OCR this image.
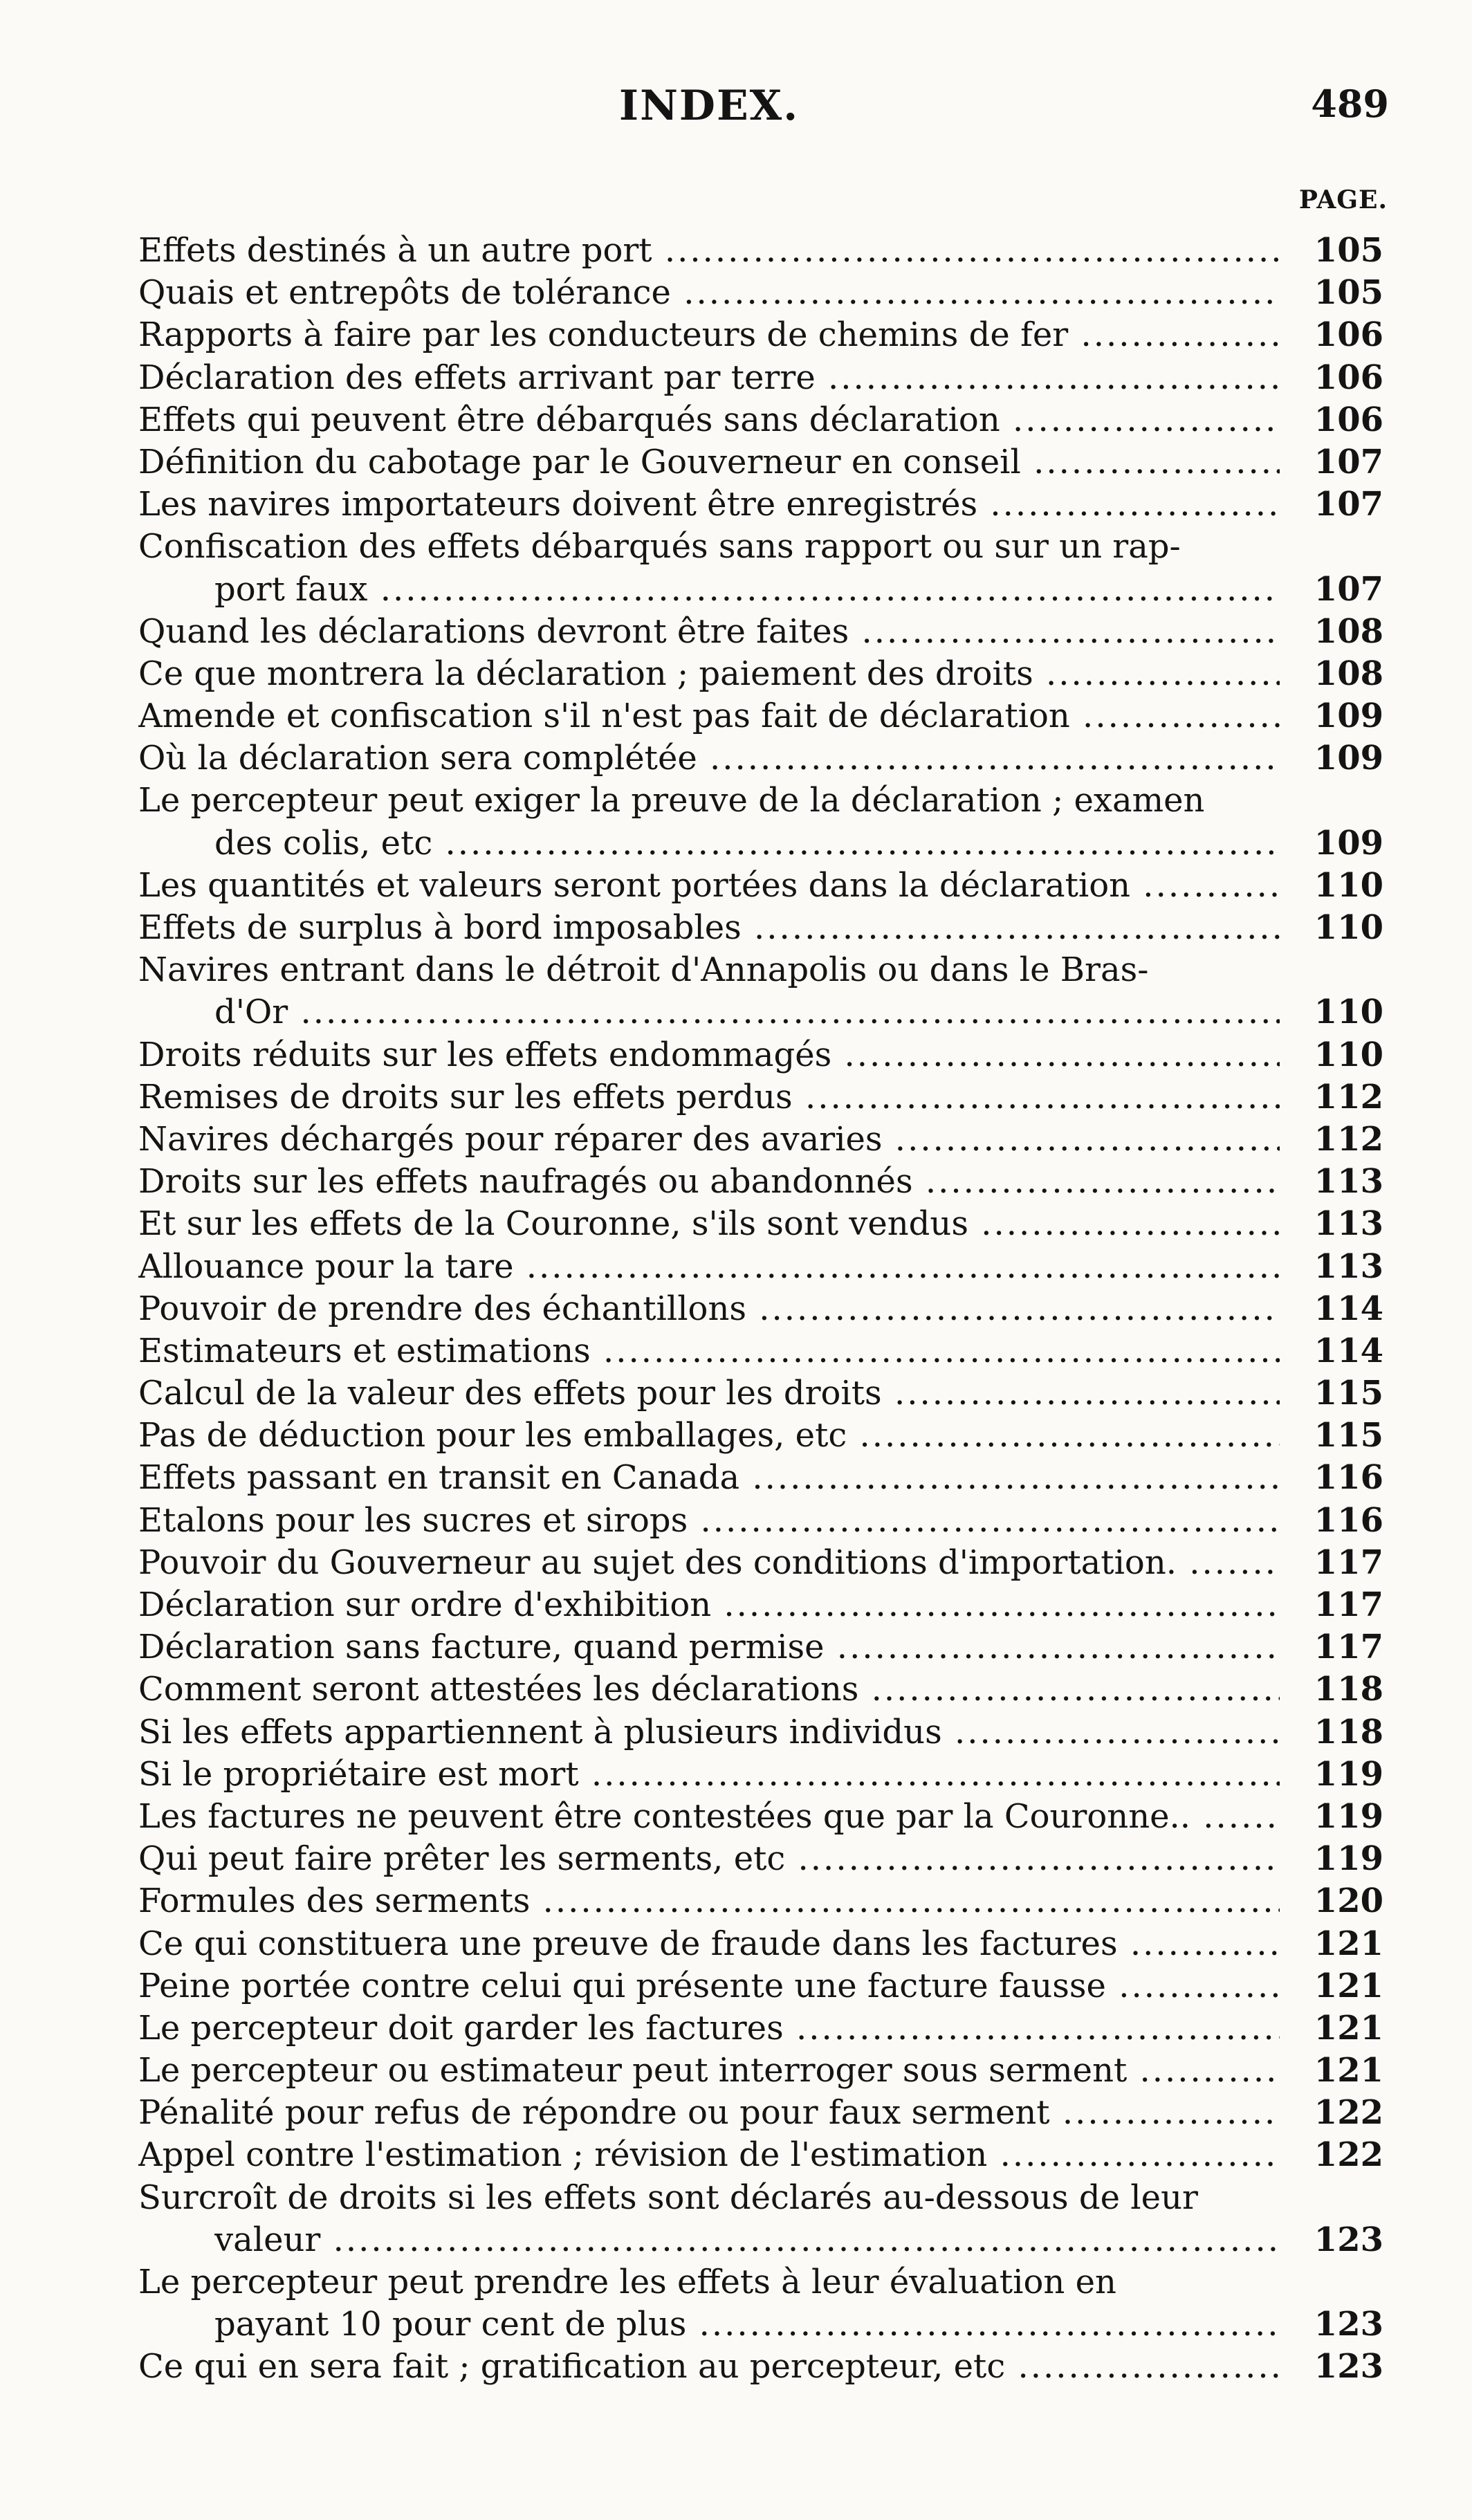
INDEX.	489
PAGE.
Effets destinés à un autre port .....	105
Quais et entrepôts de tolérance .....	105
Rapports à faire par les conducteurs de chemins de fer .....	106
Déclaration des effets arrivant par terre .....	106
Effets qui peuvent être débarqués sans déclaration .....	106
Définition du cabotage par le Gouverneur en conseil .....	107
Les navires importateurs doivent être enregistrés .....	107
Confiscation des effets débarqués sans rapport ou sur un rap-
port faux .....	107
Quand les déclarations devront être faites .....	108
Ce que montrera la déclaration ; paiement des droits .....	108
Amende et confiscation s'il n'est pas fait de déclaration .....	109
Où la déclaration sera complétée .....	109
Le percepteur peut exiger la preuve de la déclaration ; examen
des colis, etc .....	109
Les quantités et valeurs seront portées dans la déclaration .....	110
Effets de surplus à bord imposables .....	110
Navires entrant dans le détroit d'Annapolis ou dans le Bras-
d'Or .....	110
Droits réduits sur les effets endommagés .....	110
Remises de droits sur les effets perdus .....	112
Navires déchargés pour réparer des avaries .....	112
Droits sur les effets naufragés ou abandonnés .....	113
Et sur les effets de la Couronne, s'ils sont vendus .....	113
Allouance pour la tare .....	113
Pouvoir de prendre des échantillons .....	114
Estimateurs et estimations .....	114
Calcul de la valeur des effets pour les droits .....	115
Pas de déduction pour les emballages, etc .....	115
Effets passant en transit en Canada .....	116
Etalons pour les sucres et sirops .....	116
Pouvoir du Gouverneur au sujet des conditions d'importation. .....	117
Déclaration sur ordre d'exhibition .....	117
Déclaration sans facture, quand permise .....	117
Comment seront attestées les déclarations .....	118
Si les effets appartiennent à plusieurs individus .....	118
Si le propriétaire est mort .....	119
Les factures ne peuvent être contestées que par la Couronne.. .....	119
Qui peut faire prêter les serments, etc .....	119
Formules des serments .....	120
Ce qui constituera une preuve de fraude dans les factures .....	121
Peine portée contre celui qui présente une facture fausse .....	121
Le percepteur doit garder les factures .....	121
Le percepteur ou estimateur peut interroger sous serment .....	121
Pénalité pour refus de répondre ou pour faux serment .....	122
Appel contre l'estimation ; révision de l'estimation .....	122
Surcroît de droits si les effets sont déclarés au-dessous de leur
valeur .....	123
Le percepteur peut prendre les effets à leur évaluation en
payant 10 pour cent de plus .....	123
Ce qui en sera fait ; gratification au percepteur, etc .....	123
